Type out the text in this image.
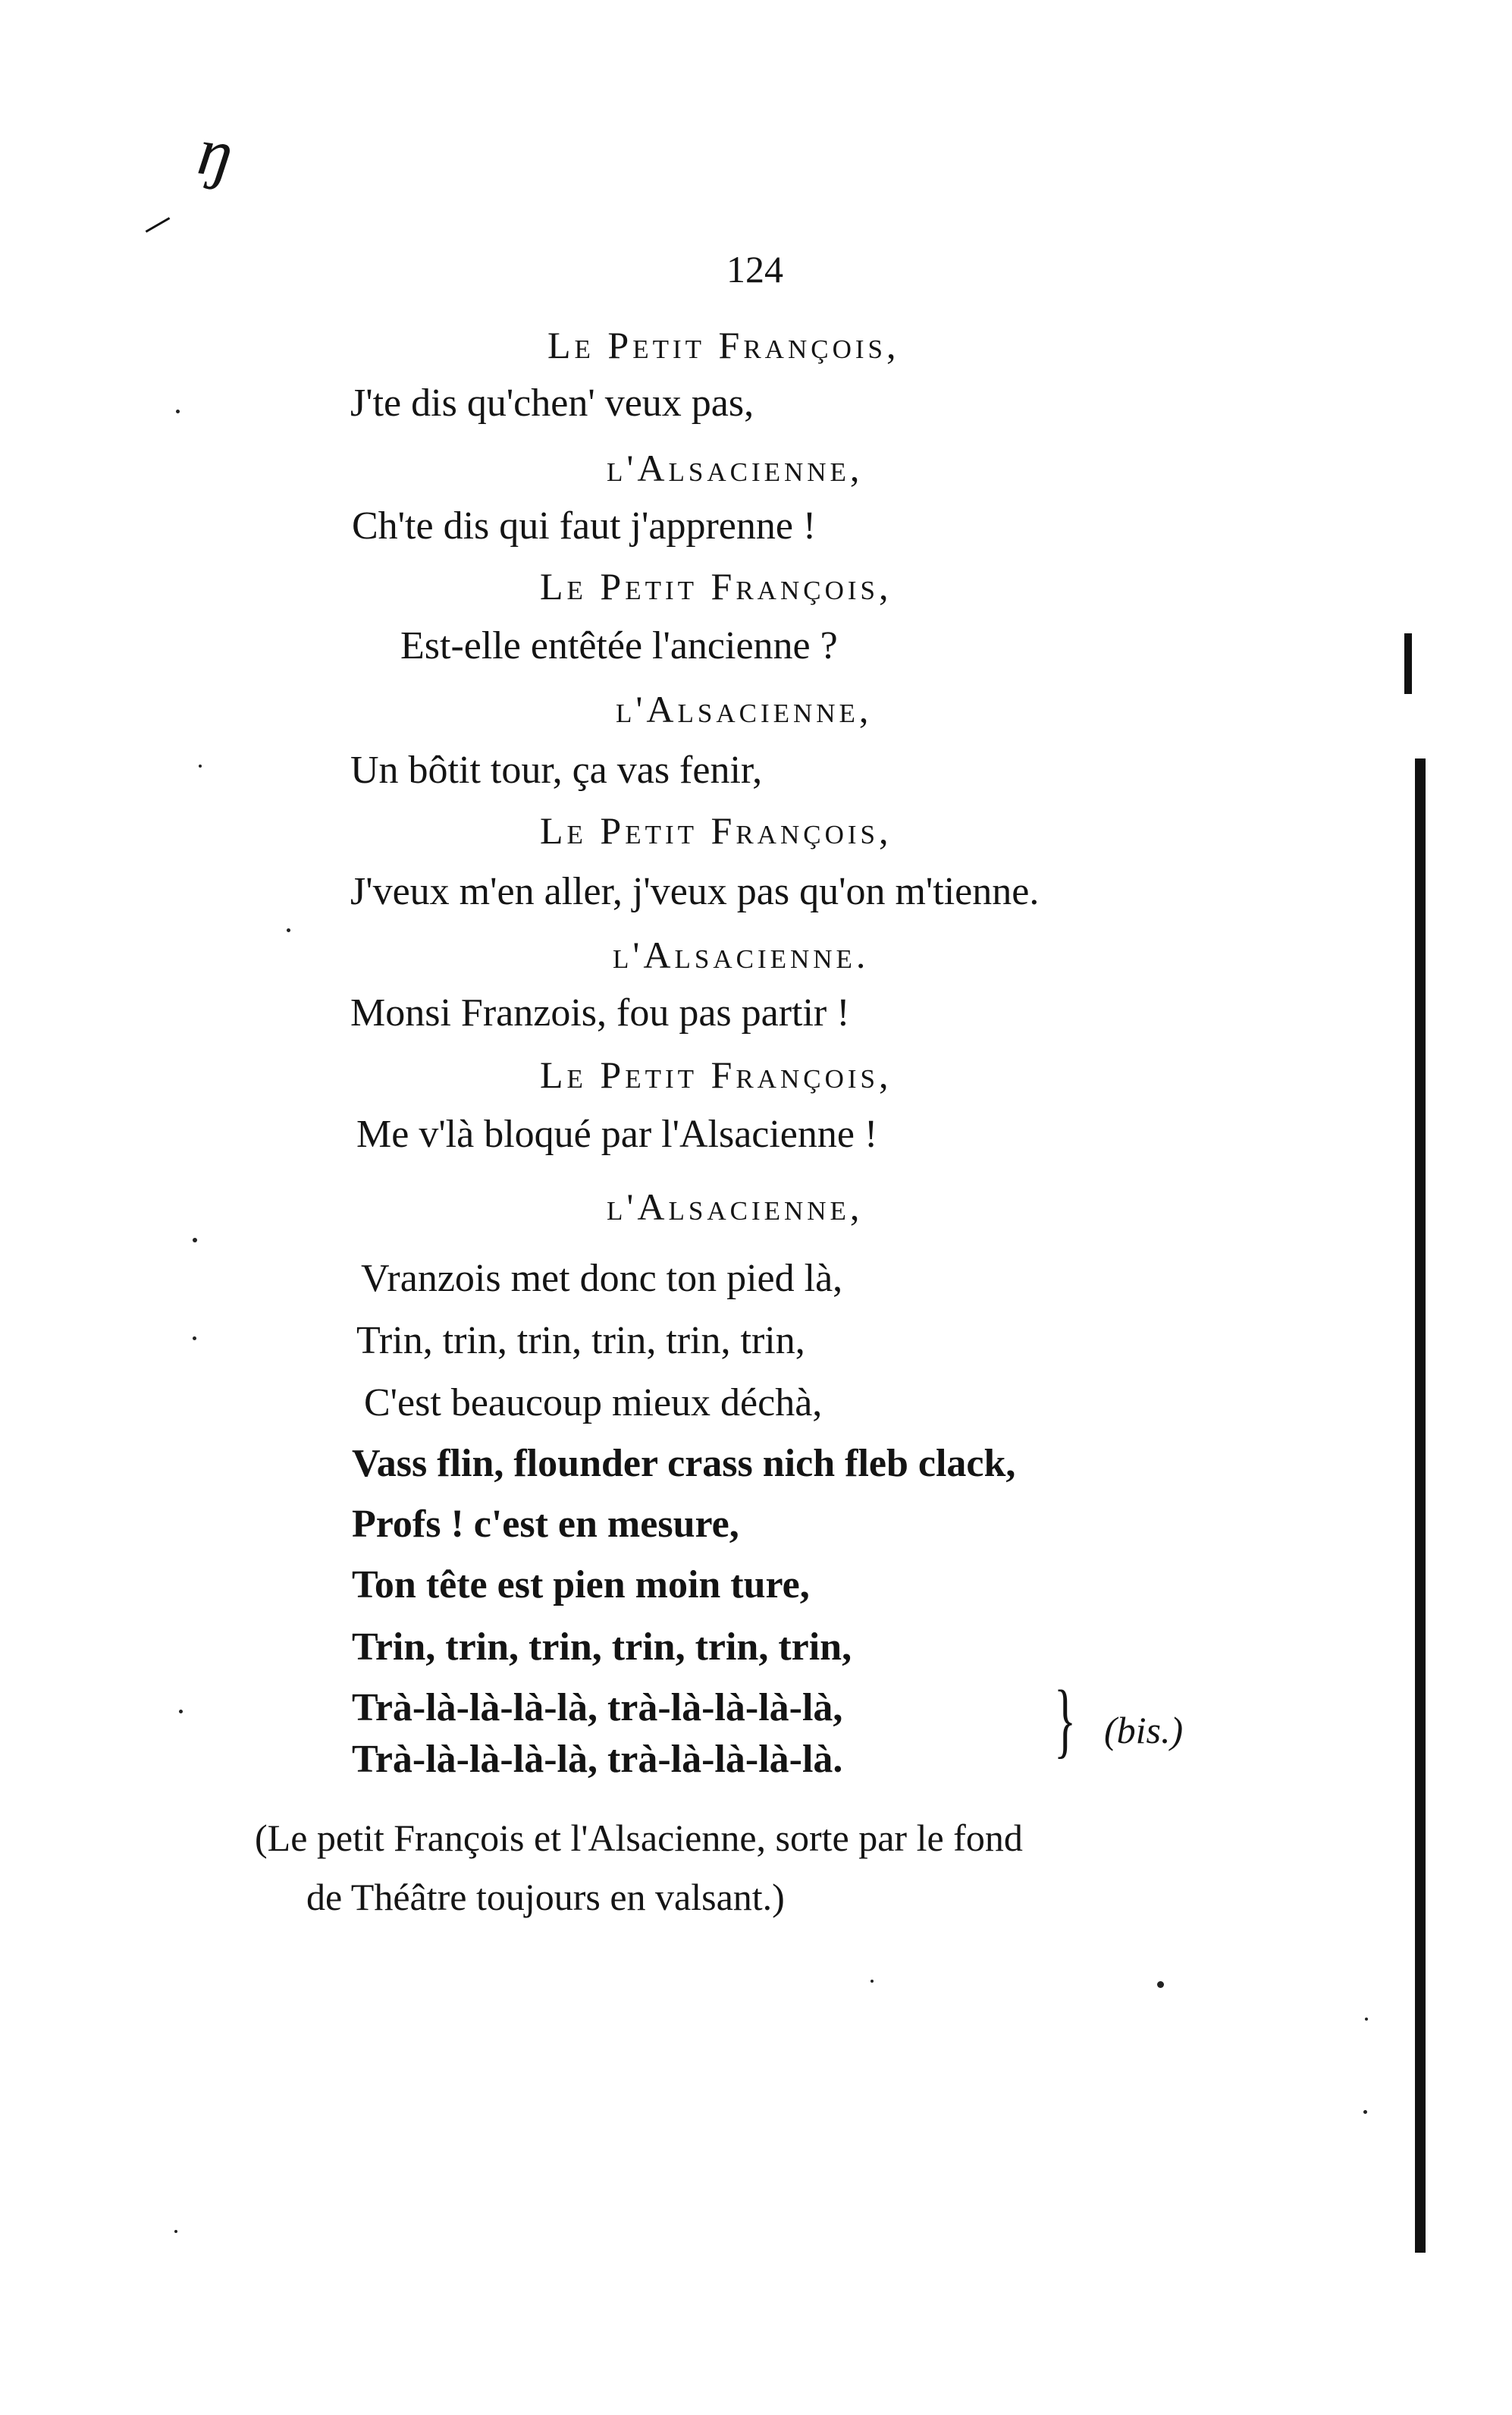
ŋ
124
Le Petit François,
J'te dis qu'chen' veux pas,
l'Alsacienne,
Ch'te dis qui faut j'apprenne !
Le Petit François,
Est-elle entêtée l'ancienne ?
l'Alsacienne,
Un bôtit tour, ça vas fenir,
Le Petit François,
J'veux m'en aller, j'veux pas qu'on m'tienne.
l'Alsacienne.
Monsi Franzois, fou pas partir !
Le Petit François,
Me v'là bloqué par l'Alsacienne !
l'Alsacienne,
Vranzois met donc ton pied là,
Trin, trin, trin, trin, trin, trin,
C'est beaucoup mieux déchà,
Vass flin, flounder crass nich fleb clack,
Profs ! c'est en mesure,
Ton tête est pien moin ture,
Trin, trin, trin, trin, trin, trin,
Trà-là-là-là-là, trà-là-là-là-là,
Trà-là-là-là-là, trà-là-là-là-là.	} (bis.)
(Le petit François et l'Alsacienne, sorte par le fond
de Théâtre toujours en valsant.)
